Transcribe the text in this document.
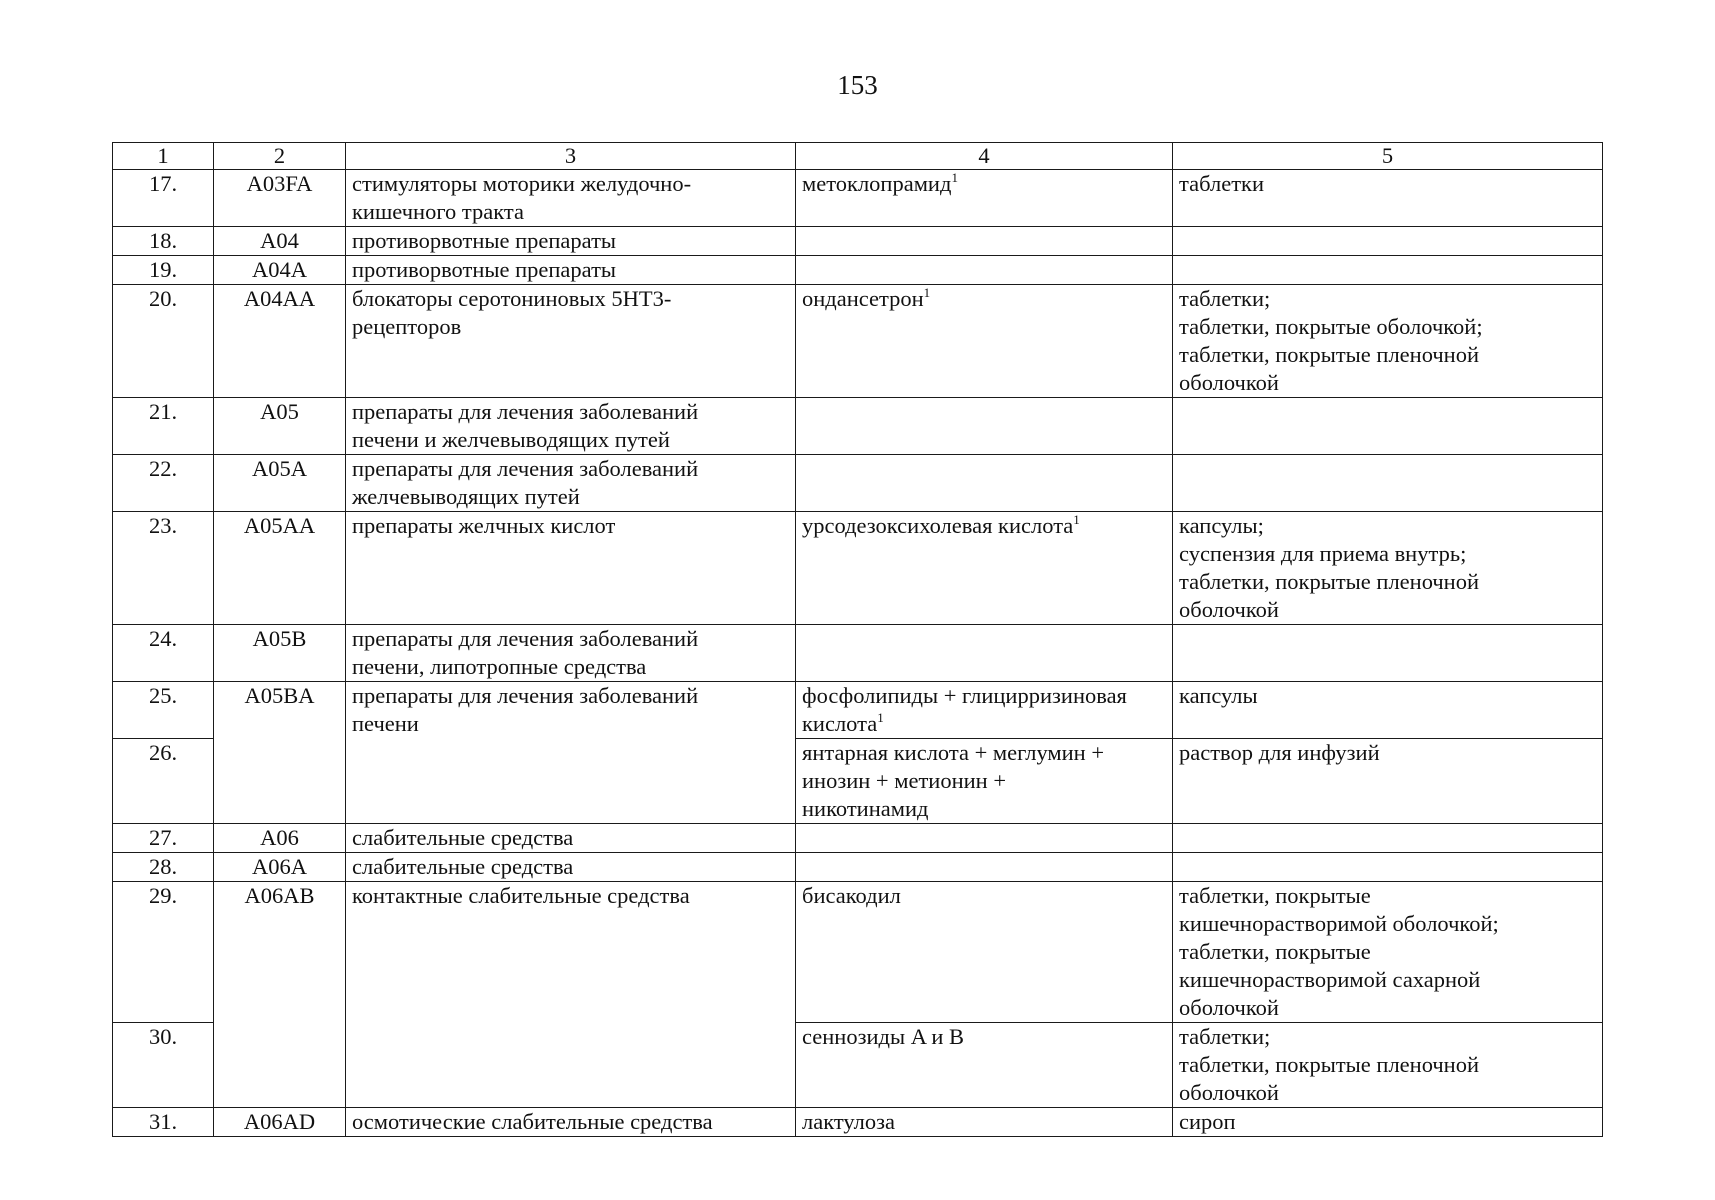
153
1	2	3	4	5
17.	A03FA	стимуляторы моторики желудочно-
кишечного тракта	метоклопрамид$^1$	таблетки

18.	A04	противорвотные препараты		

19.	A04A	противорвотные препараты		

20.	A04AA	блокаторы серотониновых 5HT3-
рецепторов	ондансетрон$^1$	таблетки;
таблетки, покрытые оболочкой;
таблетки, покрытые пленочной
оболочкой

21.	A05	препараты для лечения заболеваний
печени и желчевыводящих путей		

22.	A05A	препараты для лечения заболеваний
желчевыводящих путей		

23.	A05AA	препараты желчных кислот	урсодезоксихолевая кислота$^1$	капсулы;
суспензия для приема внутрь;
таблетки, покрытые пленочной
оболочкой

24.	A05B	препараты для лечения заболеваний
печени, липотропные средства		

25.	A05BA	препараты для лечения заболеваний
печени	фосфолипиды + глицирризиновая
кислота$^1$	капсулы

26.			янтарная кислота + меглумин +
инозин + метионин +
никотинамид	раствор для инфузий

27.	A06	слабительные средства		

28.	A06A	слабительные средства		

29.	A06AB	контактные слабительные средства	бисакодил	таблетки, покрытые
кишечнорастворимой оболочкой;
таблетки, покрытые
кишечнорастворимой сахарной
оболочкой

30.			сеннозиды A и B	таблетки;
таблетки, покрытые пленочной
оболочкой

31.	A06AD	осмотические слабительные средства	лактулоза	сироп
